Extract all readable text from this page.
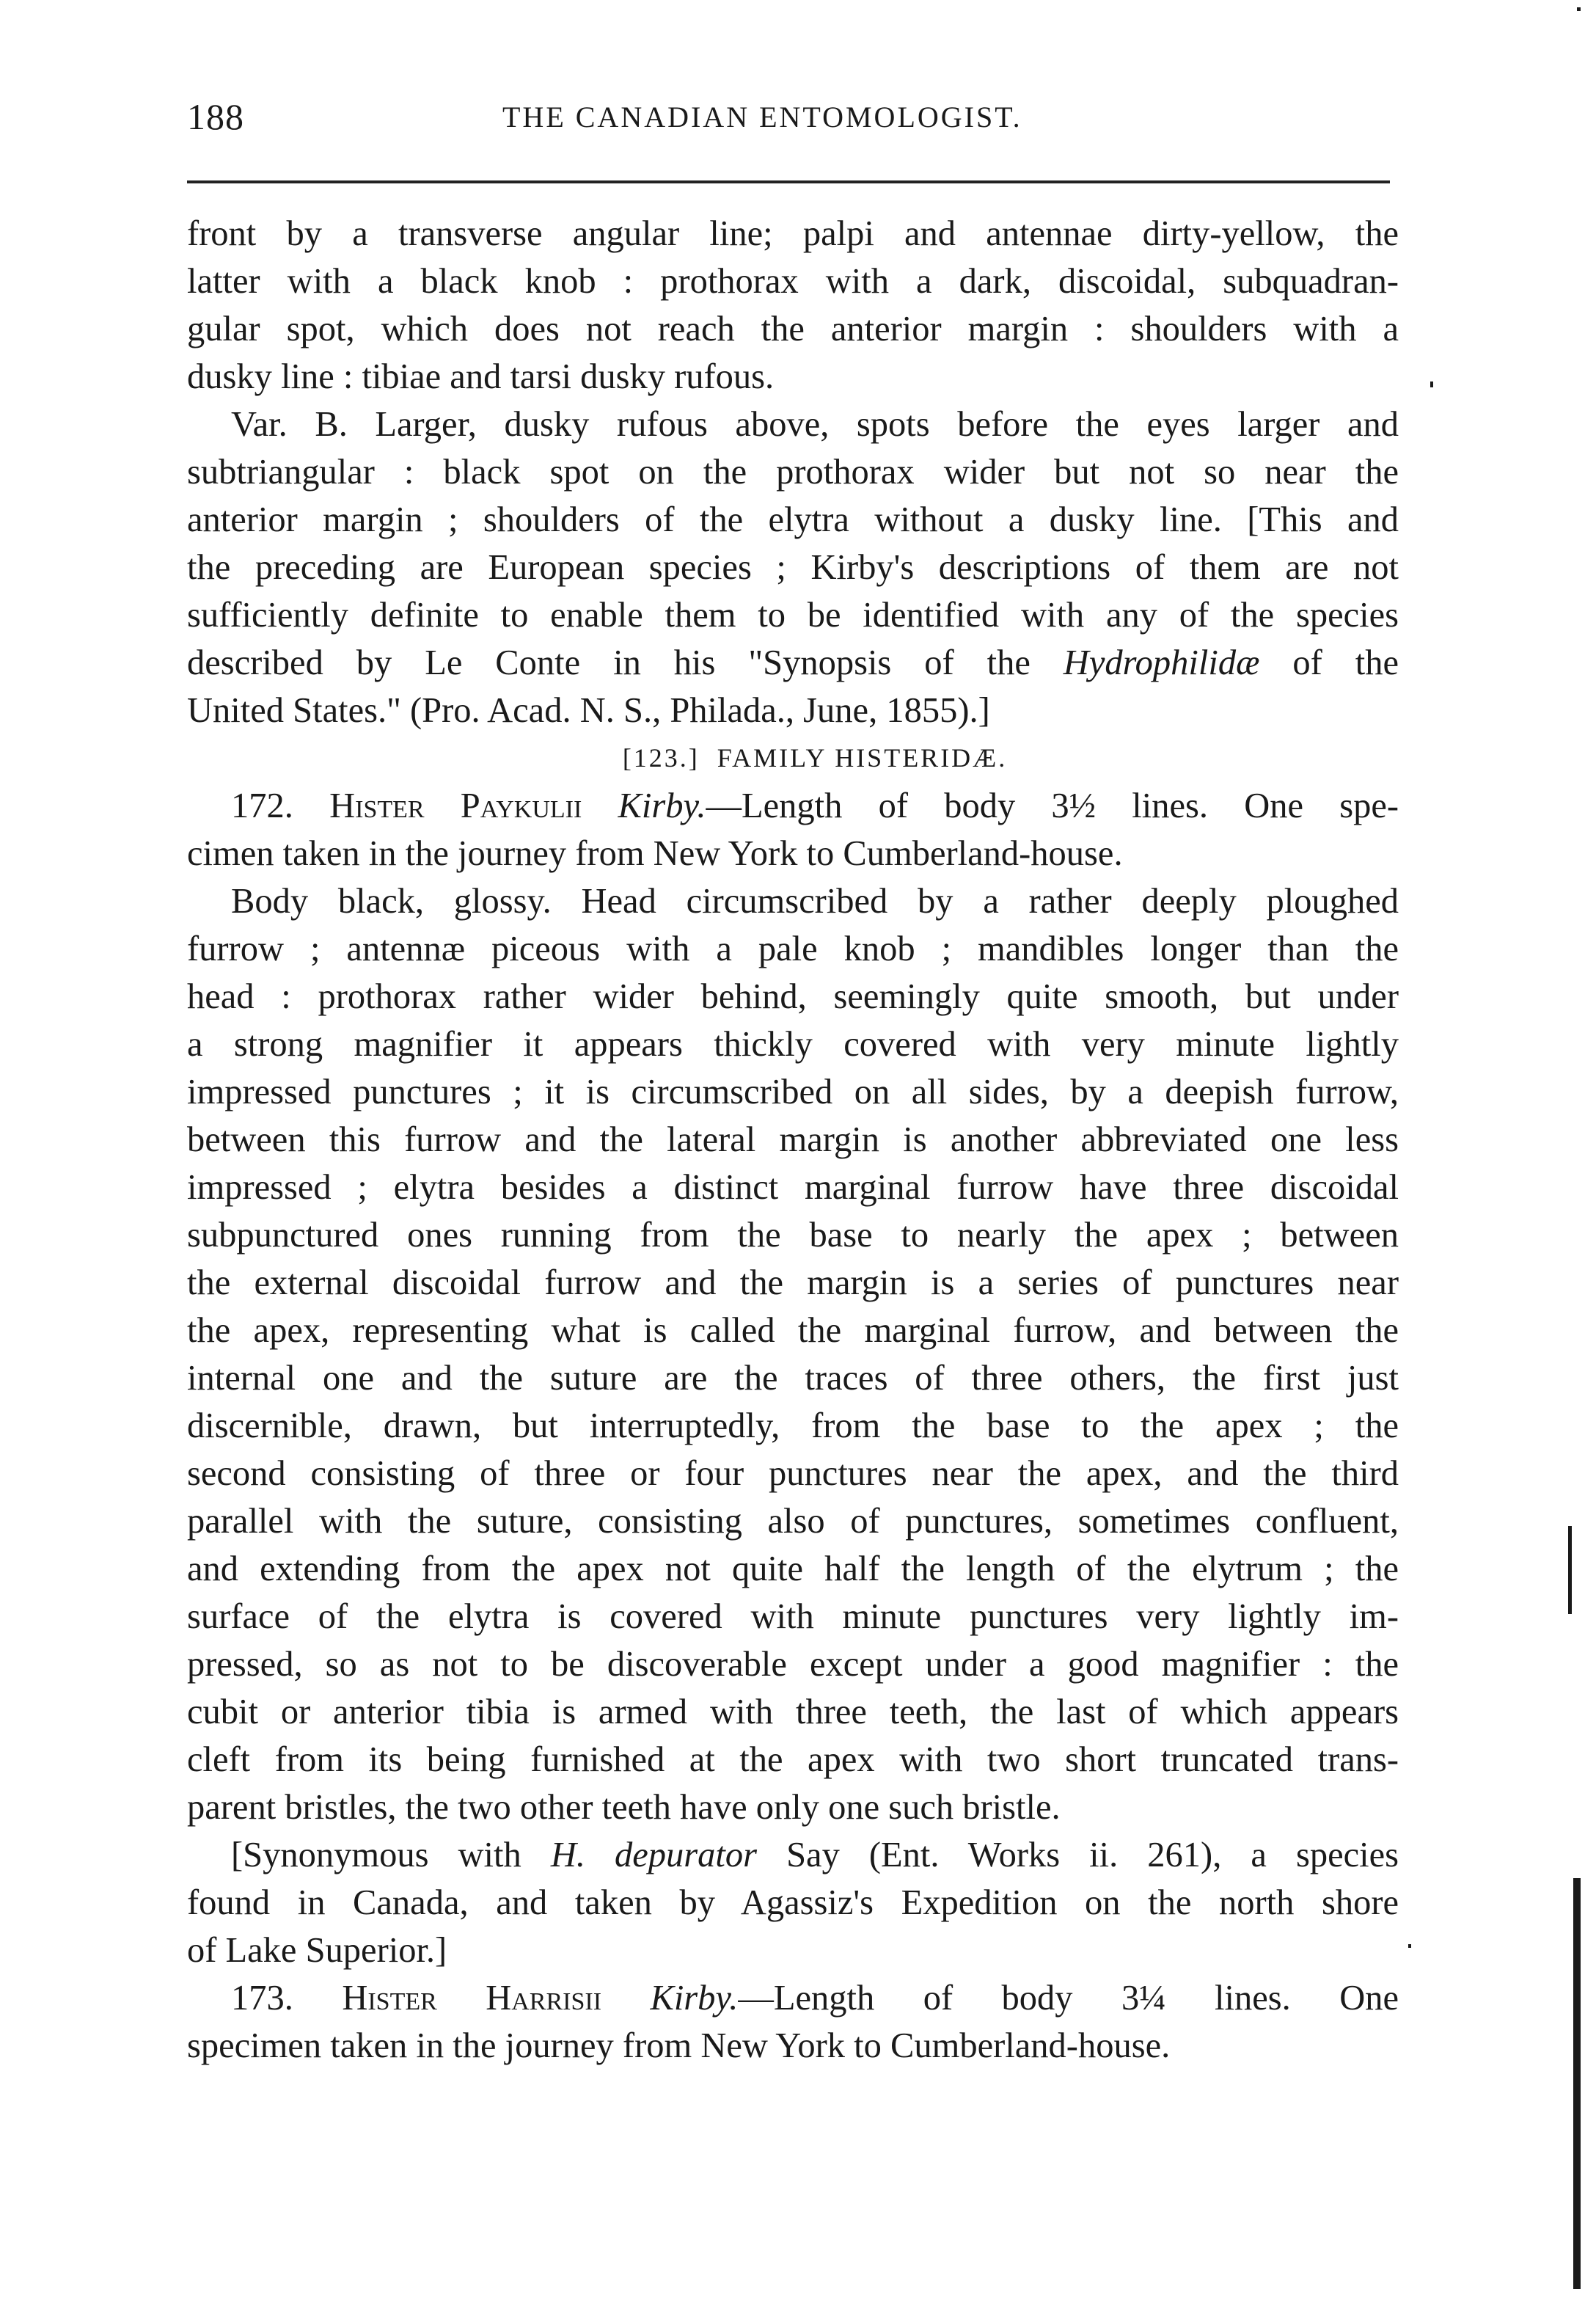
188	THE CANADIAN ENTOMOLOGIST.
front by a transverse angular line; palpi and antennae dirty-yellow, the
latter with a black knob : prothorax with a dark, discoidal, subquadran-
gular spot, which does not reach the anterior margin : shoulders with a
dusky line : tibiae and tarsi dusky rufous.
Var. B. Larger, dusky rufous above, spots before the eyes larger and
subtriangular : black spot on the prothorax wider but not so near the
anterior margin ; shoulders of the elytra without a dusky line. [This and
the preceding are European species ; Kirby's descriptions of them are not
sufficiently definite to enable them to be identified with any of the species
described by Le Conte in his "Synopsis of the Hydrophilidæ of the
United States." (Pro. Acad. N. S., Philada., June, 1855).]
[123.] FAMILY HISTERIDÆ.
172. Hister Paykulii Kirby.—Length of body 3½ lines. One spe-
cimen taken in the journey from New York to Cumberland-house.
Body black, glossy. Head circumscribed by a rather deeply ploughed
furrow ; antennæ piceous with a pale knob ; mandibles longer than the
head : prothorax rather wider behind, seemingly quite smooth, but under
a strong magnifier it appears thickly covered with very minute lightly
impressed punctures ; it is circumscribed on all sides, by a deepish furrow,
between this furrow and the lateral margin is another abbreviated one less
impressed ; elytra besides a distinct marginal furrow have three discoidal
subpunctured ones running from the base to nearly the apex ; between
the external discoidal furrow and the margin is a series of punctures near
the apex, representing what is called the marginal furrow, and between the
internal one and the suture are the traces of three others, the first just
discernible, drawn, but interruptedly, from the base to the apex ; the
second consisting of three or four punctures near the apex, and the third
parallel with the suture, consisting also of punctures, sometimes confluent,
and extending from the apex not quite half the length of the elytrum ; the
surface of the elytra is covered with minute punctures very lightly im-
pressed, so as not to be discoverable except under a good magnifier : the
cubit or anterior tibia is armed with three teeth, the last of which appears
cleft from its being furnished at the apex with two short truncated trans-
parent bristles, the two other teeth have only one such bristle.
[Synonymous with H. depurator Say (Ent. Works ii. 261), a species
found in Canada, and taken by Agassiz's Expedition on the north shore
of Lake Superior.]
173. Hister Harrisii Kirby.—Length of body 3¼ lines. One
specimen taken in the journey from New York to Cumberland-house.
